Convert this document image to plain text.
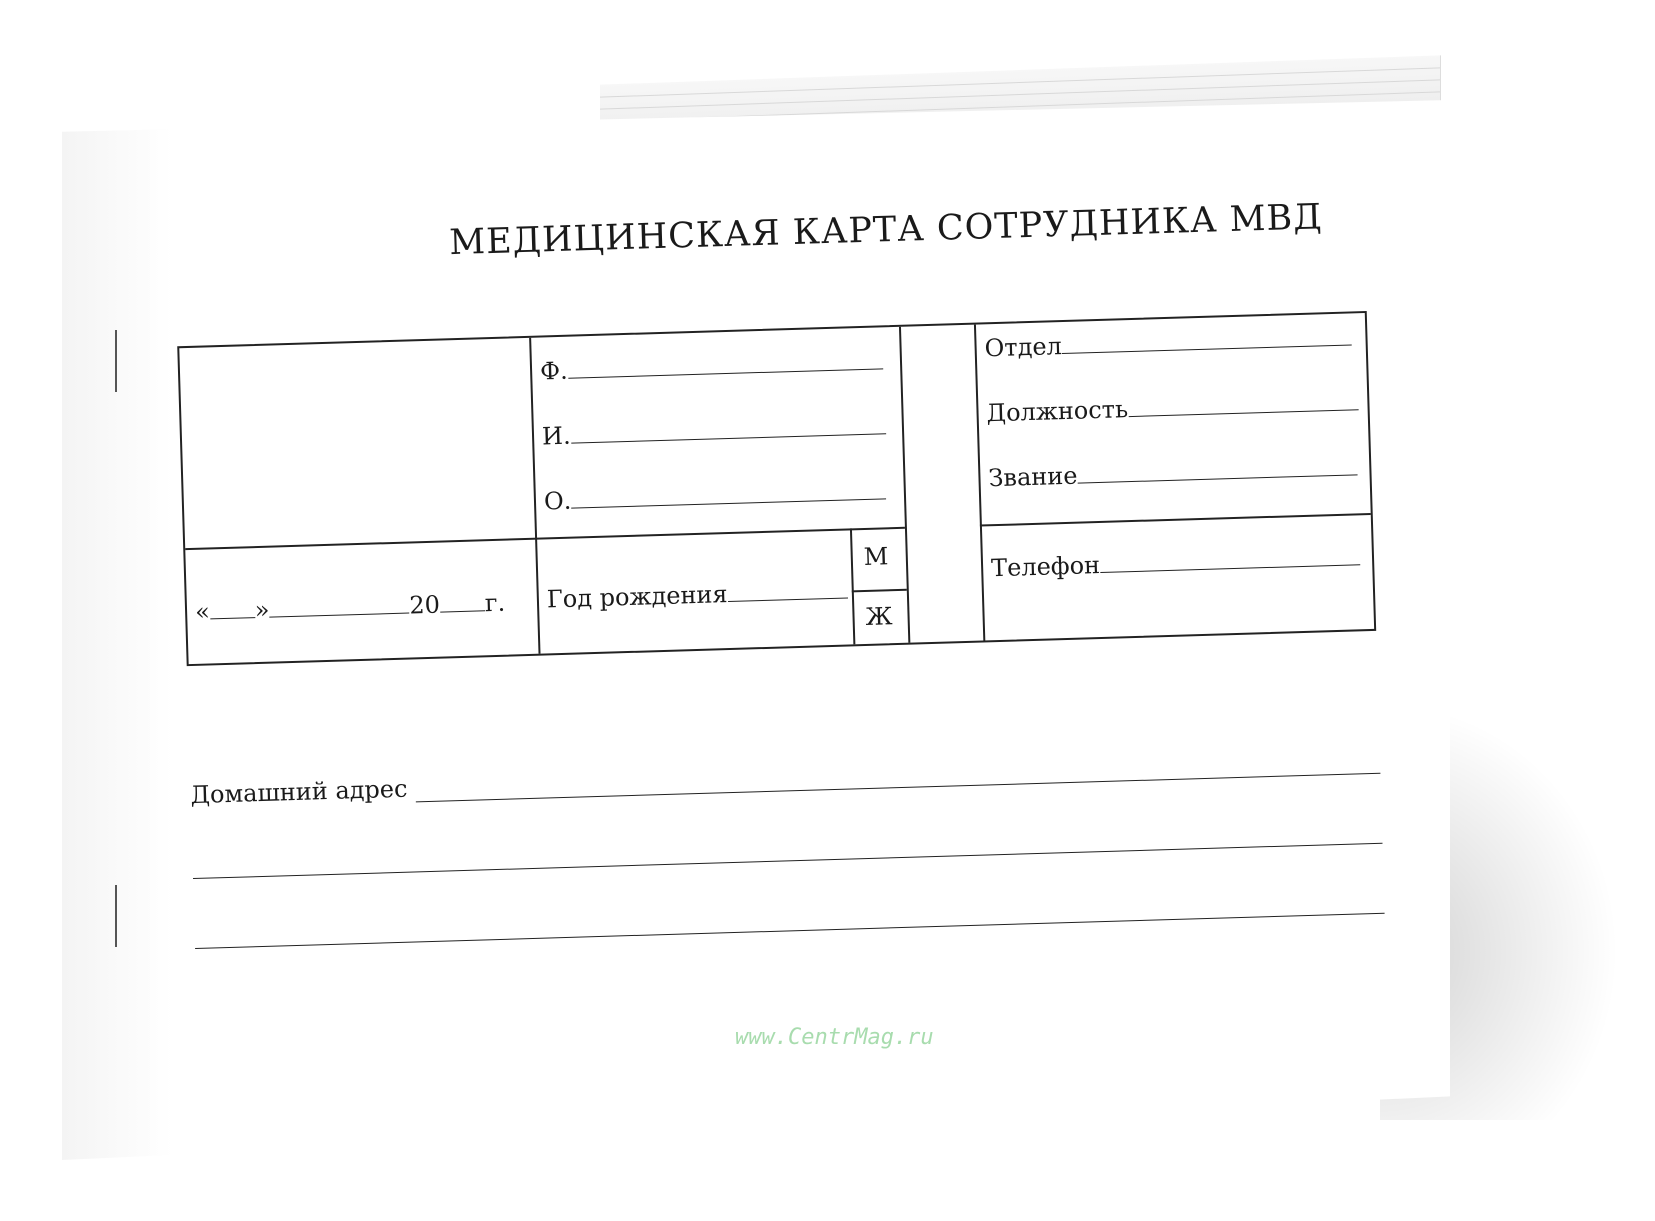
МЕДИЦИНСКАЯ КАРТА СОТРУДНИКА МВД
Ф.
И.
О.
« »	20 г. Год рождения
М
Ж
Отдел
Должность
Звание
Телефон
Домашний адрес
www.CentrMag.ru
